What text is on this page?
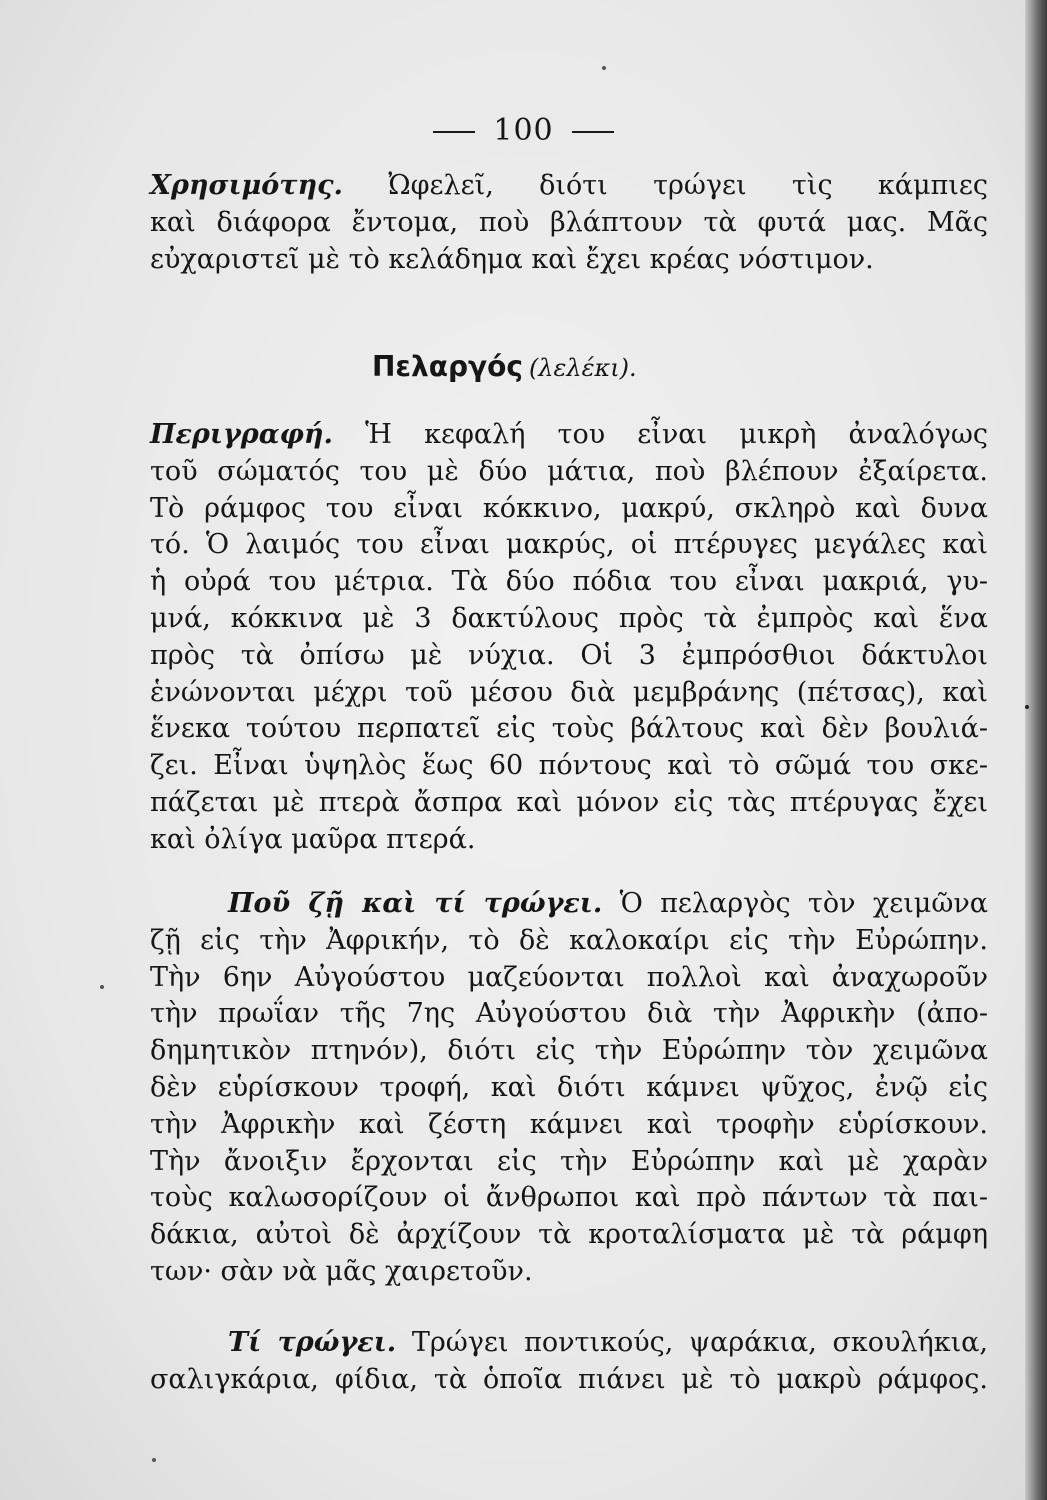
100

Χρησιμότης. Ὠφελεῖ, διότι τρώγει τὶς κάμπιες
καὶ διάφορα ἔντομα, ποὺ βλάπτουν τὰ φυτά μας. Μᾶς
εὐχαριστεῖ μὲ τὸ κελάδημα καὶ ἔχει κρέας νόστιμον.

Πελαργός (λελέκι).

Περιγραφή. Ἡ κεφαλή του εἶναι μικρὴ ἀναλόγως
τοῦ σώματός του μὲ δύο μάτια, ποὺ βλέπουν ἐξαίρετα.
Τὸ ράμφος του εἶναι κόκκινο, μακρύ, σκληρὸ καὶ δυνα
τό. Ὁ λαιμός του εἶναι μακρύς, οἱ πτέρυγες μεγάλες καὶ
ἡ οὐρά του μέτρια. Τὰ δύο πόδια του εἶναι μακριά, γυ-
μνά, κόκκινα μὲ 3 δακτύλους πρὸς τὰ ἐμπρὸς καὶ ἕνα
πρὸς τὰ ὀπίσω μὲ νύχια. Οἱ 3 ἐμπρόσθιοι δάκτυλοι
ἑνώνονται μέχρι τοῦ μέσου διὰ μεμβράνης (πέτσας), καὶ
ἕνεκα τούτου περπατεῖ εἰς τοὺς βάλτους καὶ δὲν βουλιά-
ζει. Εἶναι ὑψηλὸς ἕως 60 πόντους καὶ τὸ σῶμά του σκε-
πάζεται μὲ πτερὰ ἄσπρα καὶ μόνον εἰς τὰς πτέρυγας ἔχει
καὶ ὀλίγα μαῦρα πτερά.

Ποῦ ζῇ καὶ τί τρώγει. Ὁ πελαργὸς τὸν χειμῶνα
ζῇ εἰς τὴν Ἀφρικήν, τὸ δὲ καλοκαίρι εἰς τὴν Εὐρώπην.
Τὴν 6ην Αὐγούστου μαζεύονται πολλοὶ καὶ ἀναχωροῦν
τὴν πρωΐαν τῆς 7ης Αὐγούστου διὰ τὴν Ἀφρικὴν (ἀπο-
δημητικὸν πτηνόν), διότι εἰς τὴν Εὐρώπην τὸν χειμῶνα
δὲν εὑρίσκουν τροφή, καὶ διότι κάμνει ψῦχος, ἐνῷ εἰς
τὴν Ἀφρικὴν καὶ ζέστη κάμνει καὶ τροφὴν εὑρίσκουν.
Τὴν ἄνοιξιν ἔρχονται εἰς τὴν Εὐρώπην καὶ μὲ χαρὰν
τοὺς καλωσορίζουν οἱ ἄνθρωποι καὶ πρὸ πάντων τὰ παι-
δάκια, αὐτοὶ δὲ ἀρχίζουν τὰ κροταλίσματα μὲ τὰ ράμφη
των· σὰν νὰ μᾶς χαιρετοῦν.

Τί τρώγει. Τρώγει ποντικούς, ψαράκια, σκουλήκια,
σαλιγκάρια, φίδια, τὰ ὁποῖα πιάνει μὲ τὸ μακρὺ ράμφος.
